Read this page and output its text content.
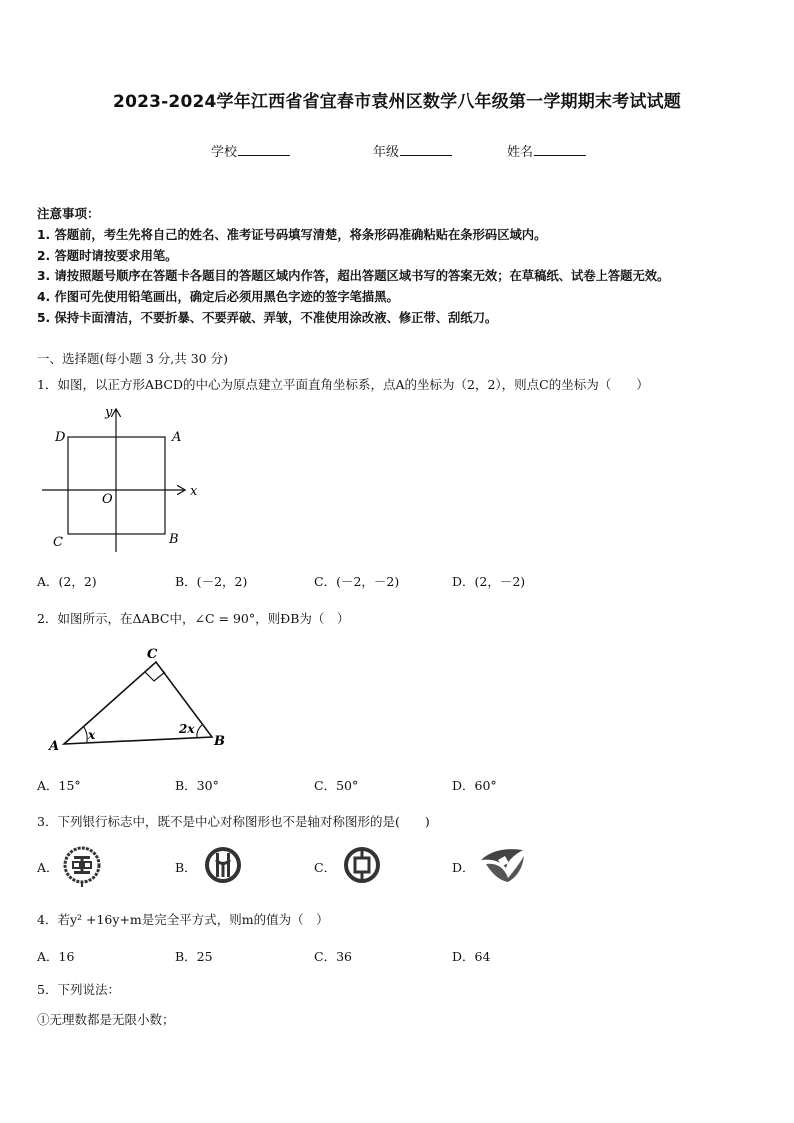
2023-2024学年江西省省宜春市袁州区数学八年级第一学期期末考试试题
学校	年级	姓名
注意事项：
1. 答题前，考生先将自己的姓名、准考证号码填写清楚，将条形码准确粘贴在条形码区域内。
2. 答题时请按要求用笔。
3. 请按照题号顺序在答题卡各题目的答题区域内作答，超出答题区域书写的答案无效；在草稿纸、试卷上答题无效。
4. 作图可先使用铅笔画出，确定后必须用黑色字迹的签字笔描黑。
5. 保持卡面清洁，不要折暴、不要弄破、弄皱，不准使用涂改液、修正带、刮纸刀。
一、选择题(每小题 3 分,共 30 分)
1．如图，以正方形ABCD的中心为原点建立平面直角坐标系，点A的坐标为（2，2），则点C的坐标为（　　）
x
y
O
A
B
C
D
A．(2，2)	B．(－2，2)	C．(－2，－2)	D．(2，－2)
2．如图所示，在ΔABC中，∠C = 90°，则ÐB为（　）
A	B
C
x	2x
A．15°	B．30°	C．50°	D．60°
3．下列银行标志中，既不是中心对称图形也不是轴对称图形的是(　　)
A．	B．	C．	D．
4．若y² +16y+m是完全平方式，则m的值为（　）
A．16	B．25	C．36	D．64
5．下列说法：
①无理数都是无限小数；
